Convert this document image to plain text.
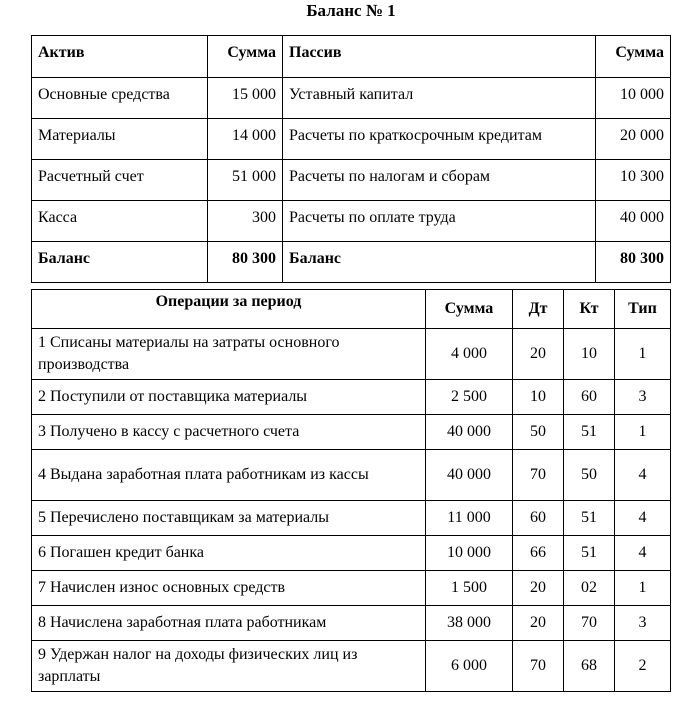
Баланс № 1
Актив	Сумма	Пассив	Сумма
Основные средства	15 000	Уставный капитал	10 000
Материалы	14 000	Расчеты по краткосрочным кредитам	20 000
Расчетный счет	51 000	Расчеты по налогам и сборам	10 300
Касса	300	Расчеты по оплате труда	40 000
Баланс	80 300	Баланс	80 300
Операции за период	Сумма	Дт	Кт	Тип
1 Списаны материалы на затраты основного производства	4 000	20	10	1
2 Поступили от поставщика материалы	2 500	10	60	3
3 Получено в кассу с расчетного счета	40 000	50	51	1
4 Выдана заработная плата работникам из кассы	40 000	70	50	4
5 Перечислено поставщикам за материалы	11 000	60	51	4
6 Погашен кредит банка	10 000	66	51	4
7 Начислен износ основных средств	1 500	20	02	1
8 Начислена заработная плата работникам	38 000	20	70	3
9 Удержан налог на доходы физических лиц из зарплаты	6 000	70	68	2
